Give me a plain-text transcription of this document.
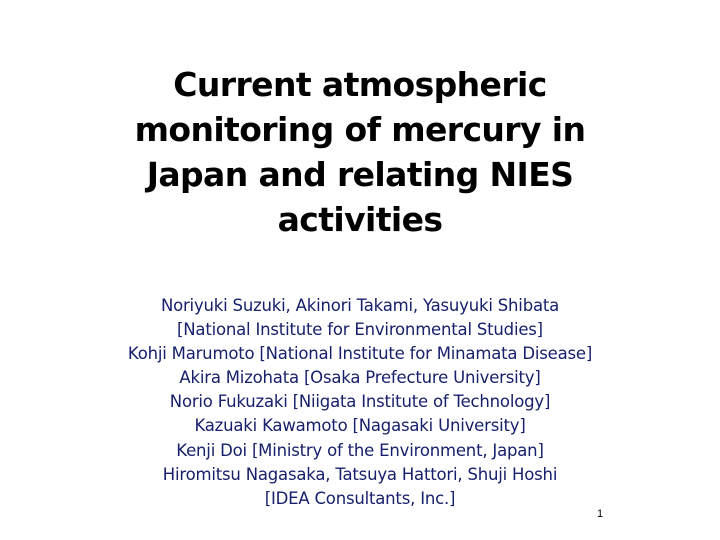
Current atmospheric
monitoring of mercury in
Japan and relating NIES
activities
Noriyuki Suzuki, Akinori Takami, Yasuyuki Shibata
[National Institute for Environmental Studies]
Kohji Marumoto [National Institute for Minamata Disease]
Akira Mizohata [Osaka Prefecture University]
Norio Fukuzaki [Niigata Institute of Technology]
Kazuaki Kawamoto [Nagasaki University]
Kenji Doi [Ministry of the Environment, Japan]
Hiromitsu Nagasaka, Tatsuya Hattori, Shuji Hoshi
[IDEA Consultants, Inc.]
1
